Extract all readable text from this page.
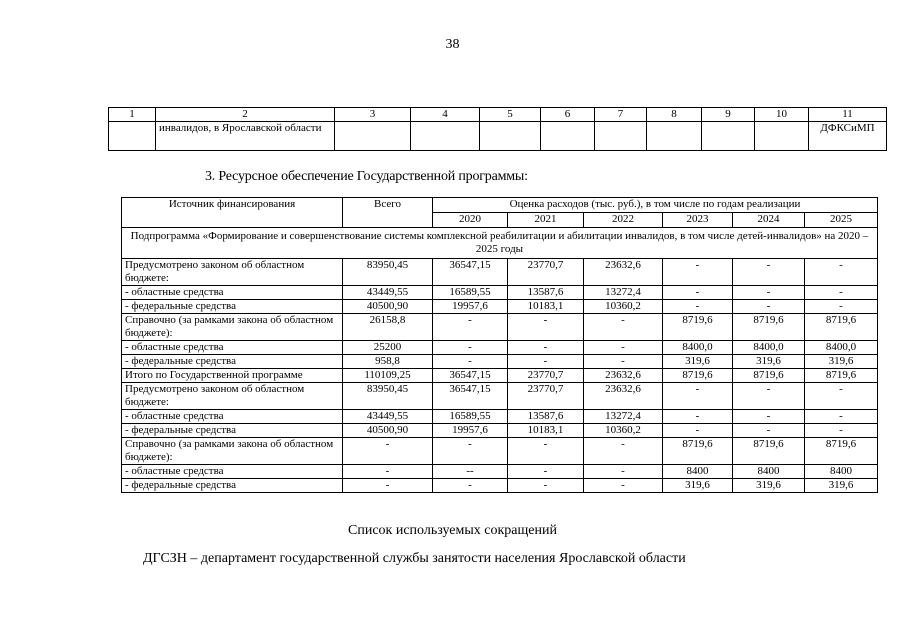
38
1	2	3	4	5	6	7	8	9	10	11
	инвалидов, в Ярославской области									ДФКСиМП
3. Ресурсное обеспечение Государственной программы:
Источник финансирования	Всего	Оценка расходов (тыс. руб.), в том числе по годам реализации					
		2020	2021	2022	2023	2024	2025
Подпрограмма «Формирование и совершенствование системы комплексной реабилитации и абилитации инвалидов, в том числе детей-инвалидов» на 2020 – 2025 годы							
Предусмотрено законом об областном бюджете:	83950,45	36547,15	23770,7	23632,6	-	-	-
- областные средства	43449,55	16589,55	13587,6	13272,4	-	-	-
- федеральные средства	40500,90	19957,6	10183,1	10360,2	-	-	-
Справочно (за рамками закона об областном бюджете):	26158,8	-	-	-	8719,6	8719,6	8719,6
- областные средства	25200	-	-	-	8400,0	8400,0	8400,0
- федеральные средства	958,8	-	-	-	319,6	319,6	319,6
Итого по Государственной программе	110109,25	36547,15	23770,7	23632,6	8719,6	8719,6	8719,6
Предусмотрено законом об областном бюджете:	83950,45	36547,15	23770,7	23632,6	-	-	-
- областные средства	43449,55	16589,55	13587,6	13272,4	-	-	-
- федеральные средства	40500,90	19957,6	10183,1	10360,2	-	-	-
Справочно (за рамками закона об областном бюджете):	-	-	-	-	8719,6	8719,6	8719,6
- областные средства	-	--	-	-	8400	8400	8400
- федеральные средства	-	-	-	-	319,6	319,6	319,6
Список используемых сокращений
ДГСЗН – департамент государственной службы занятости населения Ярославской области
